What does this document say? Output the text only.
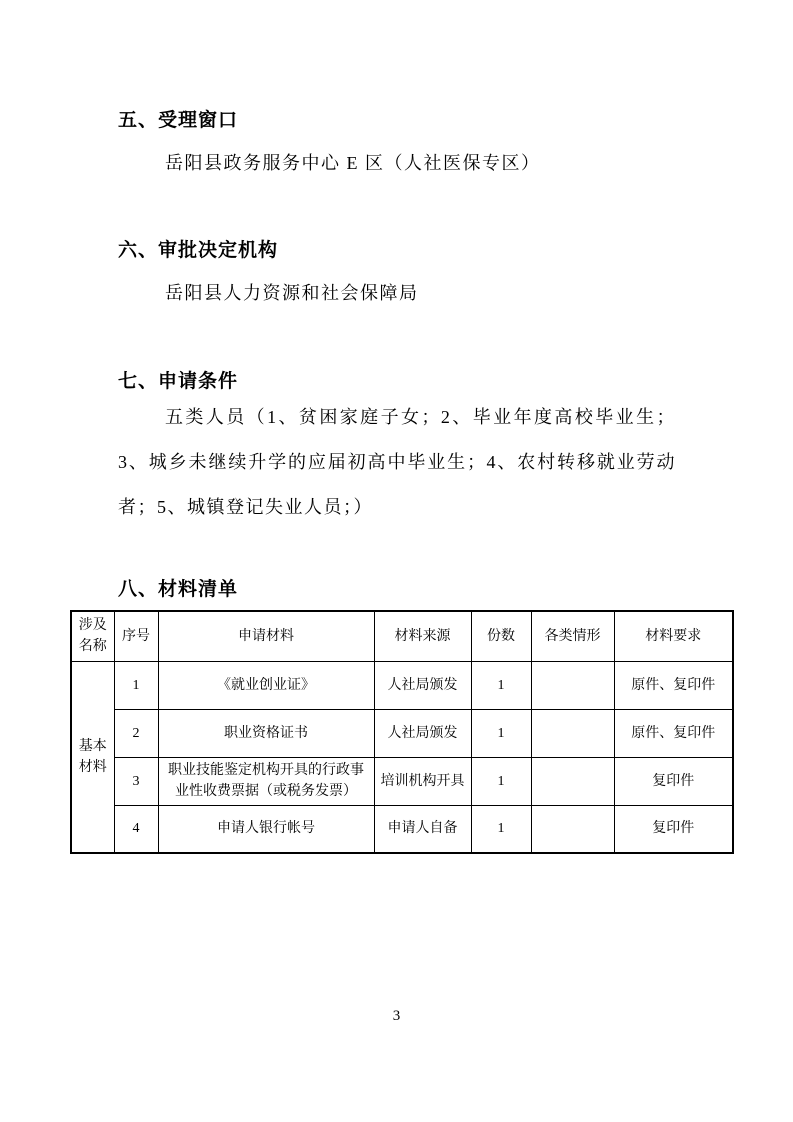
五、受理窗口

岳阳县政务服务中心 E 区（人社医保专区）

六、审批决定机构

岳阳县人力资源和社会保障局

七、申请条件

五类人员（1、贫困家庭子女；2、毕业年度高校毕业生；3、城乡未继续升学的应届初高中毕业生；4、农村转移就业劳动者；5、城镇登记失业人员；）

八、材料清单
涉及名称	序号	申请材料	材料来源	份数	各类情形	材料要求
基本材料	1	《就业创业证》	人社局颁发	1		原件、复印件
	2	职业资格证书	人社局颁发	1		原件、复印件
	3	职业技能鉴定机构开具的行政事业性收费票据（或税务发票）	培训机构开具	1		复印件
	4	申请人银行帐号	申请人自备	1		复印件
3
